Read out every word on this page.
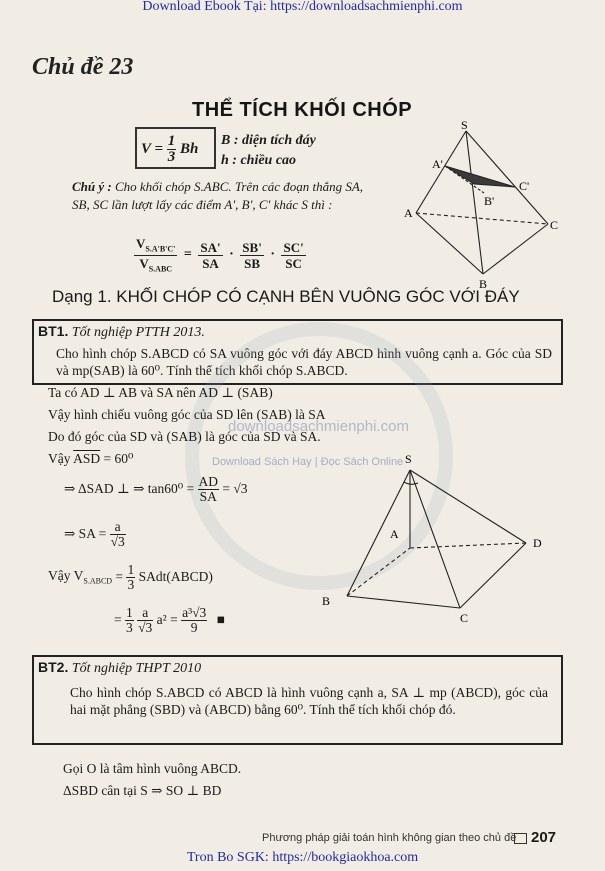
Download Ebook Tại: https://downloadsachmienphi.com
Chủ đề 23
THỂ TÍCH KHỐI CHÓP
$V = \frac{1}{3}$ Bh
B : diện tích đáy
h : chiều cao
Chú ý : Cho khối chóp S.ABC. Trên các đoạn thẳng SA, SB, SC lần lượt lấy các điểm A', B', C' khác S thì :
$\frac{V_{S.A'B'C'}}{V_{S.ABC}} = \frac{SA'}{SA} \cdot \frac{SB'}{SB} \cdot \frac{SC'}{SC}$
S
A'
C'
B'
A
C
B
Dạng 1. KHỐI CHÓP CÓ CẠNH BÊN VUÔNG GÓC VỚI ĐÁY
BT1. Tốt nghiệp PTTH 2013.
Cho hình chóp S.ABCD có SA vuông góc với đáy ABCD hình vuông cạnh a. Góc của SD và mp(SAB) là 60⁰. Tính thể tích khối chóp S.ABCD.
downloadsachmienphi.com
Download Sách Hay | Đọc Sách Online
Ta có AD ⊥ AB và SA nên AD ⊥ (SAB)
Vậy hình chiếu vuông góc của SD lên (SAB) là SA
Do đó góc của SD và (SAB) là góc của SD và SA.
Vậy $\overline{ASD} = 60^0$
⇒ ΔSAD ⊥ ⇒ $\tan 60^0 = \frac{AD}{SA} = √3$
⇒ SA = $\frac{a}{√3}$
Vậy $V_{S.ABCD} = \frac{1}{3}$ SAdt(ABCD)
= $\frac{1}{3}$
$\frac{a}{√3} a^2 = \frac{\text{a³√3}}{9}$ ■
S
A
D
B
C
BT2. Tốt nghiệp THPT 2010
Cho hình chóp S.ABCD có ABCD là hình vuông cạnh a, SA ⊥ mp (ABCD), góc của hai mặt phẳng (SBD) và (ABCD) bằng 60⁰. Tính thể tích khối chóp đó.
Gọi O là tâm hình vuông ABCD.
ΔSBD cân tại S ⇒ SO ⊥ BD
Phương pháp giải toán hình không gian theo chủ đề 207
Tron Bo SGK: https://bookgiaokhoa.com
